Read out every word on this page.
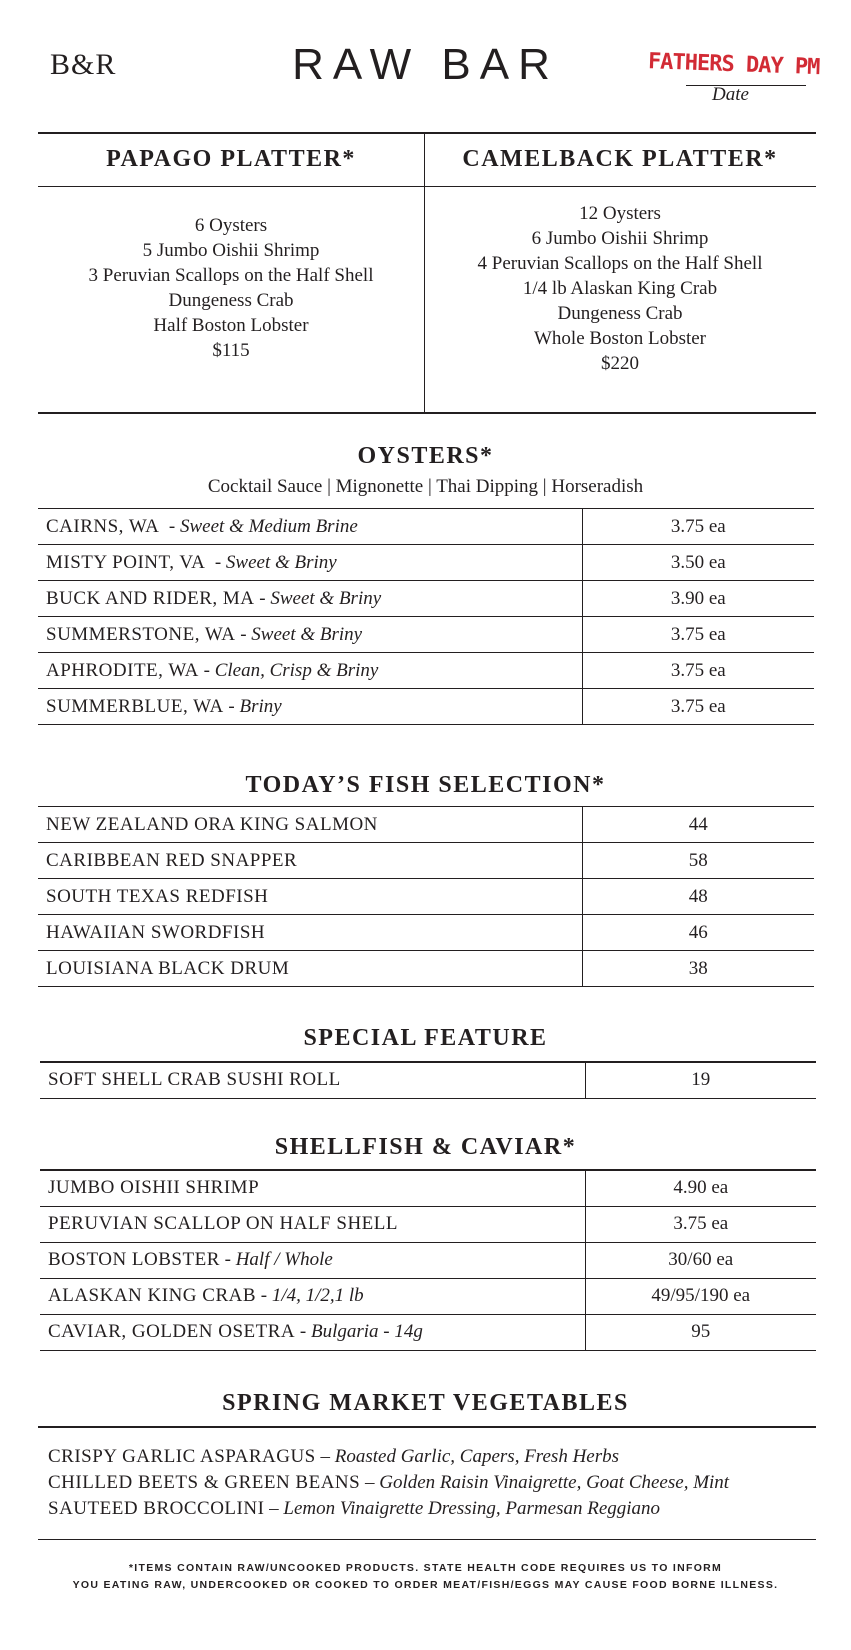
B&R	RAW BAR	FATHERS DAY PM
Date
PAPAGO PLATTER*	CAMELBACK PLATTER*
6 Oysters
5 Jumbo Oishii Shrimp
3 Peruvian Scallops on the Half Shell
Dungeness Crab
Half Boston Lobster
$115
12 Oysters
6 Jumbo Oishii Shrimp
4 Peruvian Scallops on the Half Shell
1/4 lb Alaskan King Crab
Dungeness Crab
Whole Boston Lobster
$220
OYSTERS*
Cocktail Sauce | Mignonette | Thai Dipping | Horseradish
CAIRNS, WA  - Sweet & Medium Brine	3.75 ea
MISTY POINT, VA  - Sweet & Briny	3.50 ea
BUCK AND RIDER, MA - Sweet & Briny	3.90 ea
SUMMERSTONE, WA - Sweet & Briny	3.75 ea
APHRODITE, WA - Clean, Crisp & Briny	3.75 ea
SUMMERBLUE, WA - Briny	3.75 ea
TODAY’S FISH SELECTION*
NEW ZEALAND ORA KING SALMON	44
CARIBBEAN RED SNAPPER	58
SOUTH TEXAS REDFISH	48
HAWAIIAN SWORDFISH	46
LOUISIANA BLACK DRUM	38
SPECIAL FEATURE
SOFT SHELL CRAB SUSHI ROLL	19
SHELLFISH & CAVIAR*
JUMBO OISHII SHRIMP	4.90 ea
PERUVIAN SCALLOP ON HALF SHELL	3.75 ea
BOSTON LOBSTER - Half / Whole	30/60 ea
ALASKAN KING CRAB - 1/4, 1/2,1 lb	49/95/190 ea
CAVIAR, GOLDEN OSETRA - Bulgaria - 14g	95
SPRING MARKET VEGETABLES
CRISPY GARLIC ASPARAGUS – Roasted Garlic, Capers, Fresh Herbs
CHILLED BEETS & GREEN BEANS – Golden Raisin Vinaigrette, Goat Cheese, Mint
SAUTEED BROCCOLINI – Lemon Vinaigrette Dressing, Parmesan Reggiano
*ITEMS CONTAIN RAW/UNCOOKED PRODUCTS. STATE HEALTH CODE REQUIRES US TO INFORM
YOU EATING RAW, UNDERCOOKED OR COOKED TO ORDER MEAT/FISH/EGGS MAY CAUSE FOOD BORNE ILLNESS.
